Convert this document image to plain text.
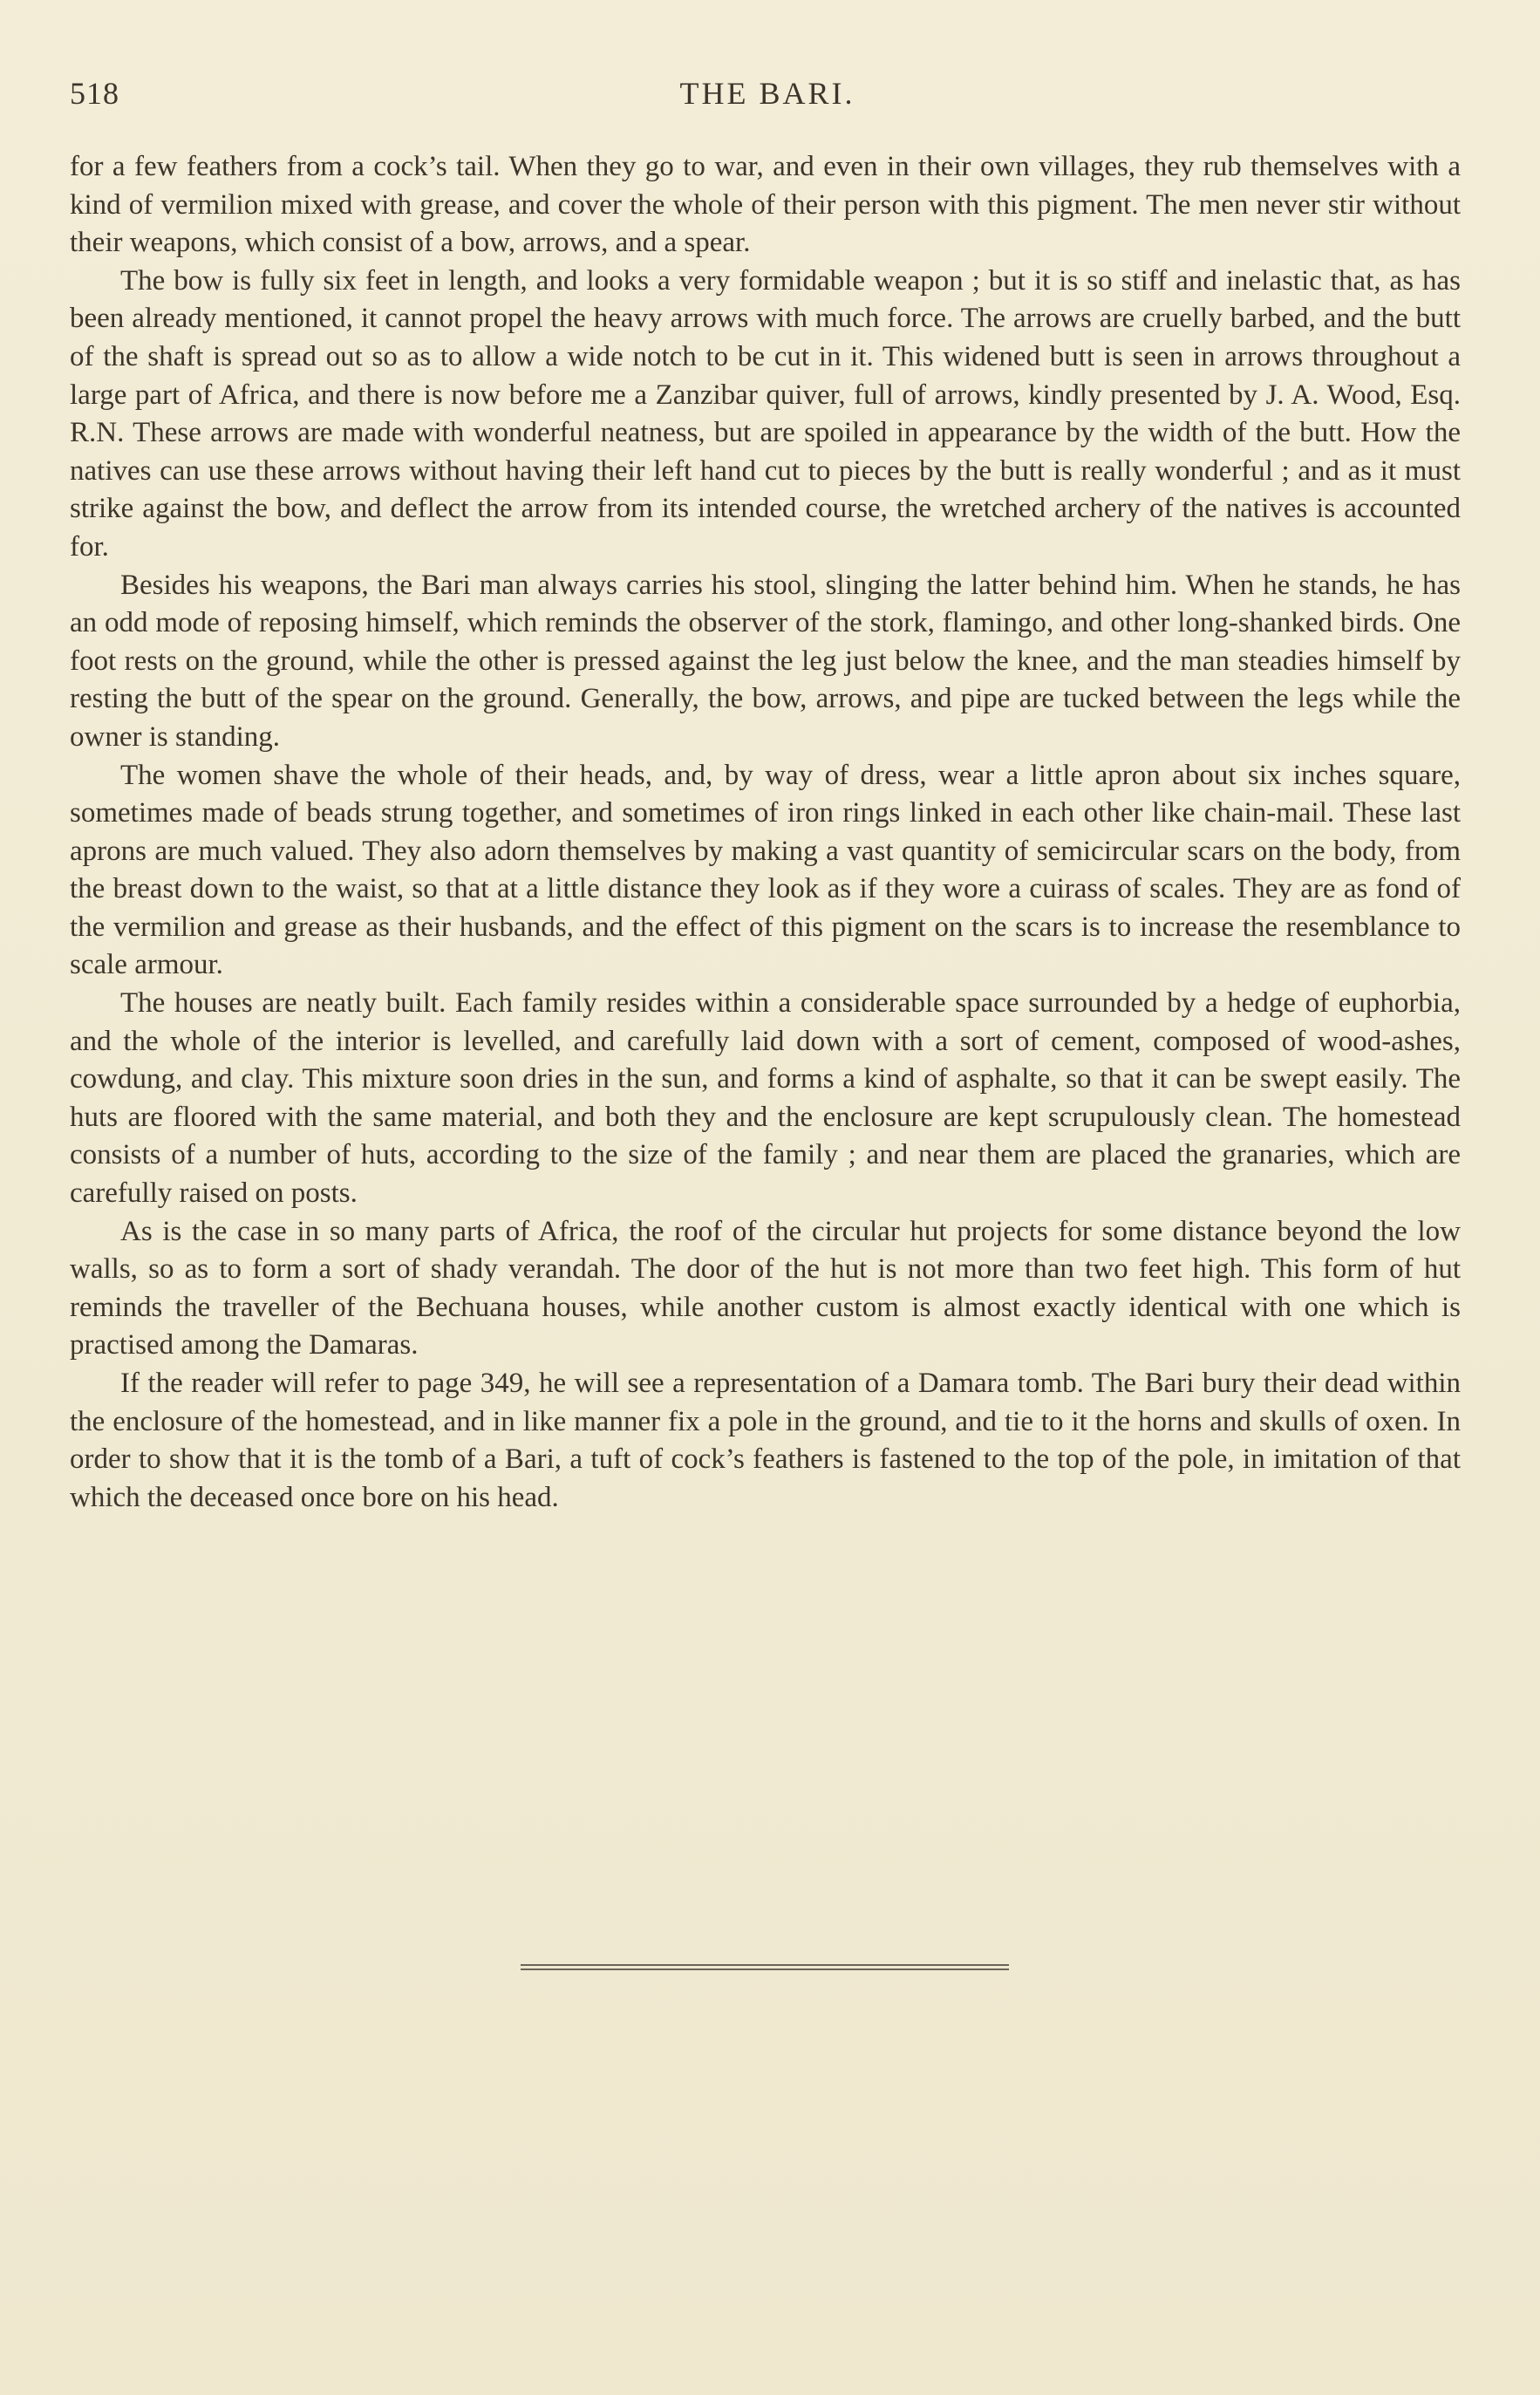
518	THE BARI.

for a few feathers from a cock’s tail. When they go to war, and even in their own villages, they rub themselves with a kind of vermilion mixed with grease, and cover the whole of their person with this pigment. The men never stir without their weapons, which consist of a bow, arrows, and a spear.

The bow is fully six feet in length, and looks a very formidable weapon ; but it is so stiff and inelastic that, as has been already mentioned, it cannot propel the heavy arrows with much force. The arrows are cruelly barbed, and the butt of the shaft is spread out so as to allow a wide notch to be cut in it. This widened butt is seen in arrows throughout a large part of Africa, and there is now before me a Zanzibar quiver, full of arrows, kindly presented by J. A. Wood, Esq. R.N. These arrows are made with wonderful neatness, but are spoiled in appearance by the width of the butt. How the natives can use these arrows without having their left hand cut to pieces by the butt is really wonderful ; and as it must strike against the bow, and deflect the arrow from its intended course, the wretched archery of the natives is accounted for.

Besides his weapons, the Bari man always carries his stool, slinging the latter behind him. When he stands, he has an odd mode of reposing himself, which reminds the observer of the stork, flamingo, and other long-shanked birds. One foot rests on the ground, while the other is pressed against the leg just below the knee, and the man steadies himself by resting the butt of the spear on the ground. Generally, the bow, arrows, and pipe are tucked between the legs while the owner is standing.

The women shave the whole of their heads, and, by way of dress, wear a little apron about six inches square, sometimes made of beads strung together, and sometimes of iron rings linked in each other like chain-mail. These last aprons are much valued. They also adorn themselves by making a vast quantity of semicircular scars on the body, from the breast down to the waist, so that at a little distance they look as if they wore a cuirass of scales. They are as fond of the vermilion and grease as their husbands, and the effect of this pigment on the scars is to increase the resemblance to scale armour.

The houses are neatly built. Each family resides within a considerable space surrounded by a hedge of euphorbia, and the whole of the interior is levelled, and carefully laid down with a sort of cement, composed of wood-ashes, cowdung, and clay. This mixture soon dries in the sun, and forms a kind of asphalte, so that it can be swept easily. The huts are floored with the same material, and both they and the enclosure are kept scrupulously clean. The homestead consists of a number of huts, according to the size of the family ; and near them are placed the granaries, which are carefully raised on posts.

As is the case in so many parts of Africa, the roof of the circular hut projects for some distance beyond the low walls, so as to form a sort of shady verandah. The door of the hut is not more than two feet high. This form of hut reminds the traveller of the Bechuana houses, while another custom is almost exactly identical with one which is practised among the Damaras.

If the reader will refer to page 349, he will see a representation of a Damara tomb. The Bari bury their dead within the enclosure of the homestead, and in like manner fix a pole in the ground, and tie to it the horns and skulls of oxen. In order to show that it is the tomb of a Bari, a tuft of cock’s feathers is fastened to the top of the pole, in imitation of that which the deceased once bore on his head.
